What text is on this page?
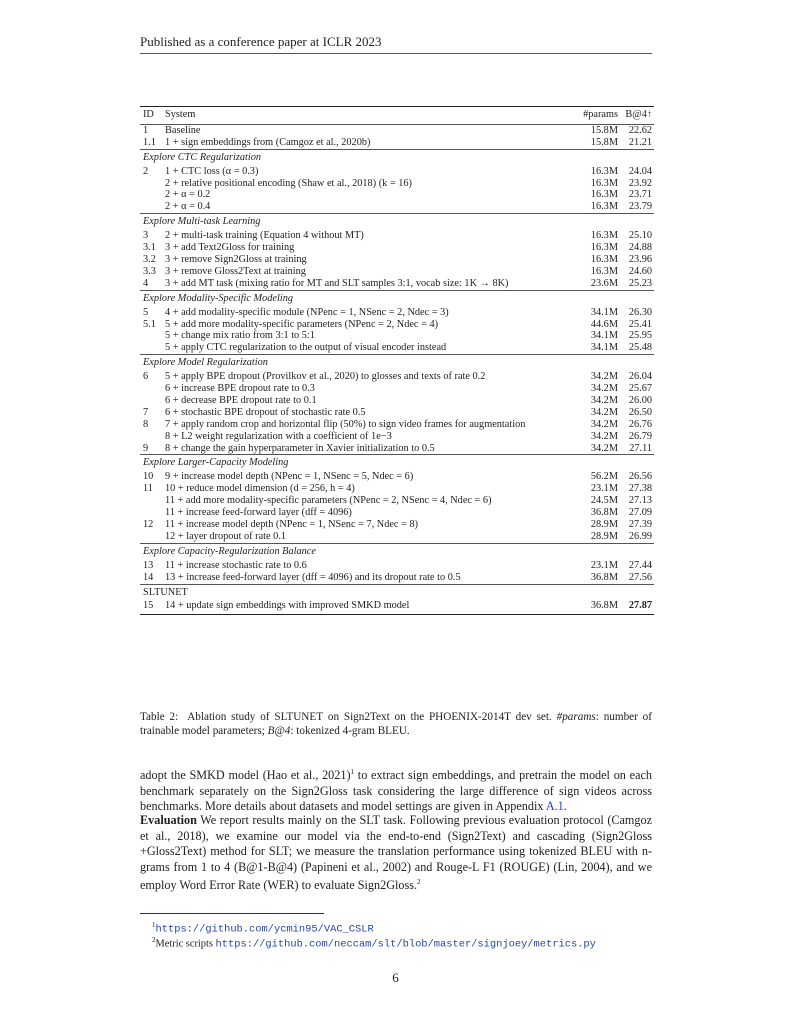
Published as a conference paper at ICLR 2023
ID	System	#params	B@4↑
1	Baseline	15.8M	22.62
1.1	1 + sign embeddings from (Camgoz et al., 2020b)	15.8M	21.21
Explore CTC Regularization			
2	1 + CTC loss (α = 0.3)	16.3M	24.04
	2 + relative positional encoding (Shaw et al., 2018) (k = 16)	16.3M	23.92
	2 + α = 0.2	16.3M	23.71
	2 + α = 0.4	16.3M	23.79
Explore Multi-task Learning			
3	2 + multi-task training (Equation 4 without MT)	16.3M	25.10
3.1	3 + add Text2Gloss for training	16.3M	24.88
3.2	3 + remove Sign2Gloss at training	16.3M	23.96
3.3	3 + remove Gloss2Text at training	16.3M	24.60
4	3 + add MT task (mixing ratio for MT and SLT samples 3:1, vocab size: 1K → 8K)	23.6M	25.23
Explore Modality-Specific Modeling			
5	4 + add modality-specific module (NPenc = 1, NSenc = 2, Ndec = 3)	34.1M	26.30
5.1	5 + add more modality-specific parameters (NPenc = 2, Ndec = 4)	44.6M	25.41
	5 + change mix ratio from 3:1 to 5:1	34.1M	25.95
	5 + apply CTC regularization to the output of visual encoder instead	34.1M	25.48
Explore Model Regularization			
6	5 + apply BPE dropout (Provilkov et al., 2020) to glosses and texts of rate 0.2	34.2M	26.04
	6 + increase BPE dropout rate to 0.3	34.2M	25.67
	6 + decrease BPE dropout rate to 0.1	34.2M	26.00
7	6 + stochastic BPE dropout of stochastic rate 0.5	34.2M	26.50
8	7 + apply random crop and horizontal flip (50%) to sign video frames for augmentation	34.2M	26.76
	8 + L2 weight regularization with a coefficient of 1e−3	34.2M	26.79
9	8 + change the gain hyperparameter in Xavier initialization to 0.5	34.2M	27.11
Explore Larger-Capacity Modeling			
10	9 + increase model depth (NPenc = 1, NSenc = 5, Ndec = 6)	56.2M	26.56
11	10 + reduce model dimension (d = 256, h = 4)	23.1M	27.38
	11 + add more modality-specific parameters (NPenc = 2, NSenc = 4, Ndec = 6)	24.5M	27.13
	11 + increase feed-forward layer (dff = 4096)	36.8M	27.09
12	11 + increase model depth (NPenc = 1, NSenc = 7, Ndec = 8)	28.9M	27.39
	12 + layer dropout of rate 0.1	28.9M	26.99
Explore Capacity-Regularization Balance			
13	11 + increase stochastic rate to 0.6	23.1M	27.44
14	13 + increase feed-forward layer (dff = 4096) and its dropout rate to 0.5	36.8M	27.56
SLTUNET			
15	14 + update sign embeddings with improved SMKD model	36.8M	27.87
Table 2: Ablation study of SLTUNET on Sign2Text on the PHOENIX-2014T dev set. #params: number of trainable model parameters; B@4: tokenized 4-gram BLEU.
adopt the SMKD model (Hao et al., 2021)$^1$ to extract sign embeddings, and pretrain the model on each benchmark separately on the Sign2Gloss task considering the large difference of sign videos across benchmarks. More details about datasets and model settings are given in Appendix A.1.
Evaluation We report results mainly on the SLT task. Following previous evaluation protocol (Camgoz et al., 2018), we examine our model via the end-to-end (Sign2Text) and cascading (Sign2Gloss +Gloss2Text) method for SLT; we measure the translation performance using tokenized BLEU with n-grams from 1 to 4 (B@1-B@4) (Papineni et al., 2002) and Rouge-L F1 (ROUGE) (Lin, 2004), and we employ Word Error Rate (WER) to evaluate Sign2Gloss.$^2$
$^1$https://github.com/ycmin95/VAC_CSLR
$^2$Metric scripts https://github.com/neccam/slt/blob/master/signjoey/metrics.py
6
